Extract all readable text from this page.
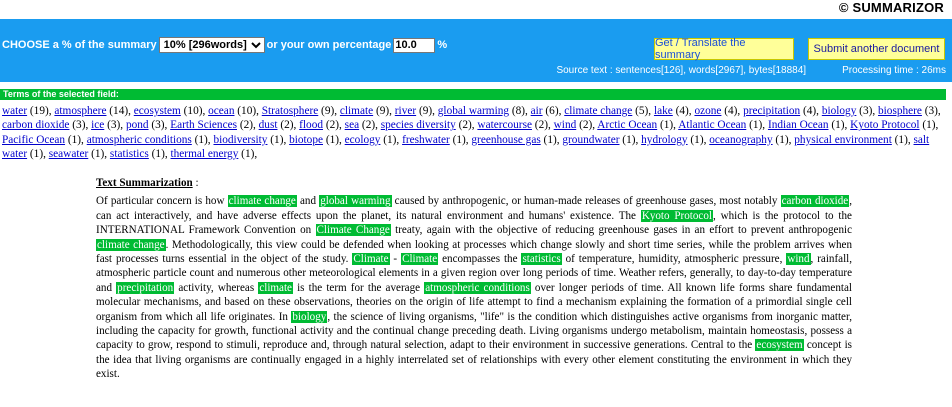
© SUMMARIZOR
CHOOSE a % of the summary
10% [296words]	or your own percentage
10.0	%	Get / Translate the summary	Submit another document
Source text : sentences[126], words[2967], bytes[18884]	Processing time : 26ms
Terms of the selected field:
water (19), atmosphere (14), ecosystem (10), ocean (10), Stratosphere (9), climate (9), river (9), global warming (8), air (6), climate change (5), lake (4), ozone (4), precipitation (4), biology (3), biosphere (3), carbon dioxide (3), ice (3), pond (3), Earth Sciences (2), dust (2), flood (2), sea (2), species diversity (2), watercourse (2), wind (2), Arctic Ocean (1), Atlantic Ocean (1), Indian Ocean (1), Kyoto Protocol (1), Pacific Ocean (1), atmospheric conditions (1), biodiversity (1), biotope (1), ecology (1), freshwater (1), greenhouse gas (1), groundwater (1), hydrology (1), oceanography (1), physical environment (1), salt water (1), seawater (1), statistics (1), thermal energy (1),
Text Summarization :
Of particular concern is how climate change and global warming caused by anthropogenic, or human-made releases of greenhouse gases, most notably carbon dioxide, can act interactively, and have adverse effects upon the planet, its natural environment and humans' existence. The Kyoto Protocol, which is the protocol to the INTERNATIONAL Framework Convention on Climate Change treaty, again with the objective of reducing greenhouse gases in an effort to prevent anthropogenic climate change. Methodologically, this view could be defended when looking at processes which change slowly and short time series, while the problem arrives when fast processes turns essential in the object of the study. Climate - Climate encompasses the statistics of temperature, humidity, atmospheric pressure, wind, rainfall, atmospheric particle count and numerous other meteorological elements in a given region over long periods of time. Weather refers, generally, to day-to-day temperature and precipitation activity, whereas climate is the term for the average atmospheric conditions over longer periods of time. All known life forms share fundamental molecular mechanisms, and based on these observations, theories on the origin of life attempt to find a mechanism explaining the formation of a primordial single cell organism from which all life originates. In biology, the science of living organisms, "life" is the condition which distinguishes active organisms from inorganic matter, including the capacity for growth, functional activity and the continual change preceding death. Living organisms undergo metabolism, maintain homeostasis, possess a capacity to grow, respond to stimuli, reproduce and, through natural selection, adapt to their environment in successive generations. Central to the ecosystem concept is the idea that living organisms are continually engaged in a highly interrelated set of relationships with every other element constituting the environment in which they exist.
